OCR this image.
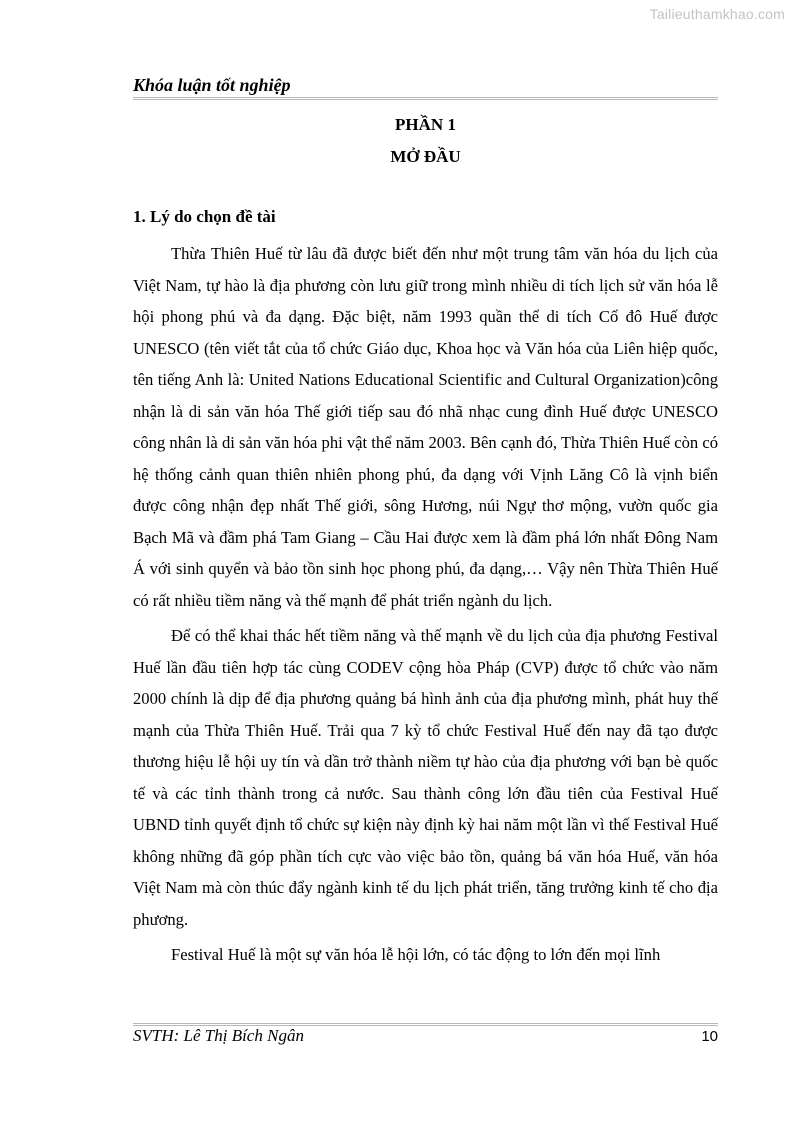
Tailieuthamkhao.com
Khóa luận tốt nghiệp
PHẦN 1
MỞ ĐẦU
1. Lý do chọn đề tài

Thừa Thiên Huế từ lâu đã được biết đến như một trung tâm văn hóa du lịch của Việt Nam, tự hào là địa phương còn lưu giữ trong mình nhiều di tích lịch sử văn hóa lễ hội phong phú và đa dạng. Đặc biệt, năm 1993 quần thể di tích Cố đô Huế được UNESCO (tên viết tắt của tổ chức Giáo dục, Khoa học và Văn hóa của Liên hiệp quốc, tên tiếng Anh là: United Nations Educational Scientific and Cultural Organization)công nhận là di sản văn hóa Thế giới tiếp sau đó nhã nhạc cung đình Huế được UNESCO công nhân là di sản văn hóa phi vật thể năm 2003. Bên cạnh đó, Thừa Thiên Huế còn có hệ thống cảnh quan thiên nhiên phong phú, đa dạng với Vịnh Lăng Cô là vịnh biển được công nhận đẹp nhất Thế giới, sông Hương, núi Ngự thơ mộng, vườn quốc gia Bạch Mã và đầm phá Tam Giang – Cầu Hai được xem là đầm phá lớn nhất Đông Nam Á với sinh quyển và bảo tồn sinh học phong phú, đa dạng,… Vậy nên Thừa Thiên Huế có rất nhiều tiềm năng và thế mạnh để phát triển ngành du lịch.

Để có thể khai thác hết tiềm năng và thế mạnh về du lịch của địa phương Festival Huế lần đầu tiên hợp tác cùng CODEV cộng hòa Pháp (CVP) được tổ chức vào năm 2000 chính là dịp để địa phương quảng bá hình ảnh của địa phương mình, phát huy thế mạnh của Thừa Thiên Huế. Trải qua 7 kỳ tổ chức Festival Huế đến nay đã tạo được thương hiệu lễ hội uy tín và dần trở thành niềm tự hào của địa phương với bạn bè quốc tế và các tỉnh thành trong cả nước. Sau thành công lớn đầu tiên của Festival Huế UBND tỉnh quyết định tổ chức sự kiện này định kỳ hai năm một lần vì thế Festival Huế không những đã góp phần tích cực vào việc bảo tồn, quảng bá văn hóa Huế, văn hóa Việt Nam mà còn thúc đẩy ngành kinh tế du lịch phát triển, tăng trưởng kinh tế cho địa phương.

Festival Huế là một sự văn hóa lễ hội lớn, có tác động to lớn đến mọi lĩnh

SVTH: Lê Thị Bích Ngân	10
